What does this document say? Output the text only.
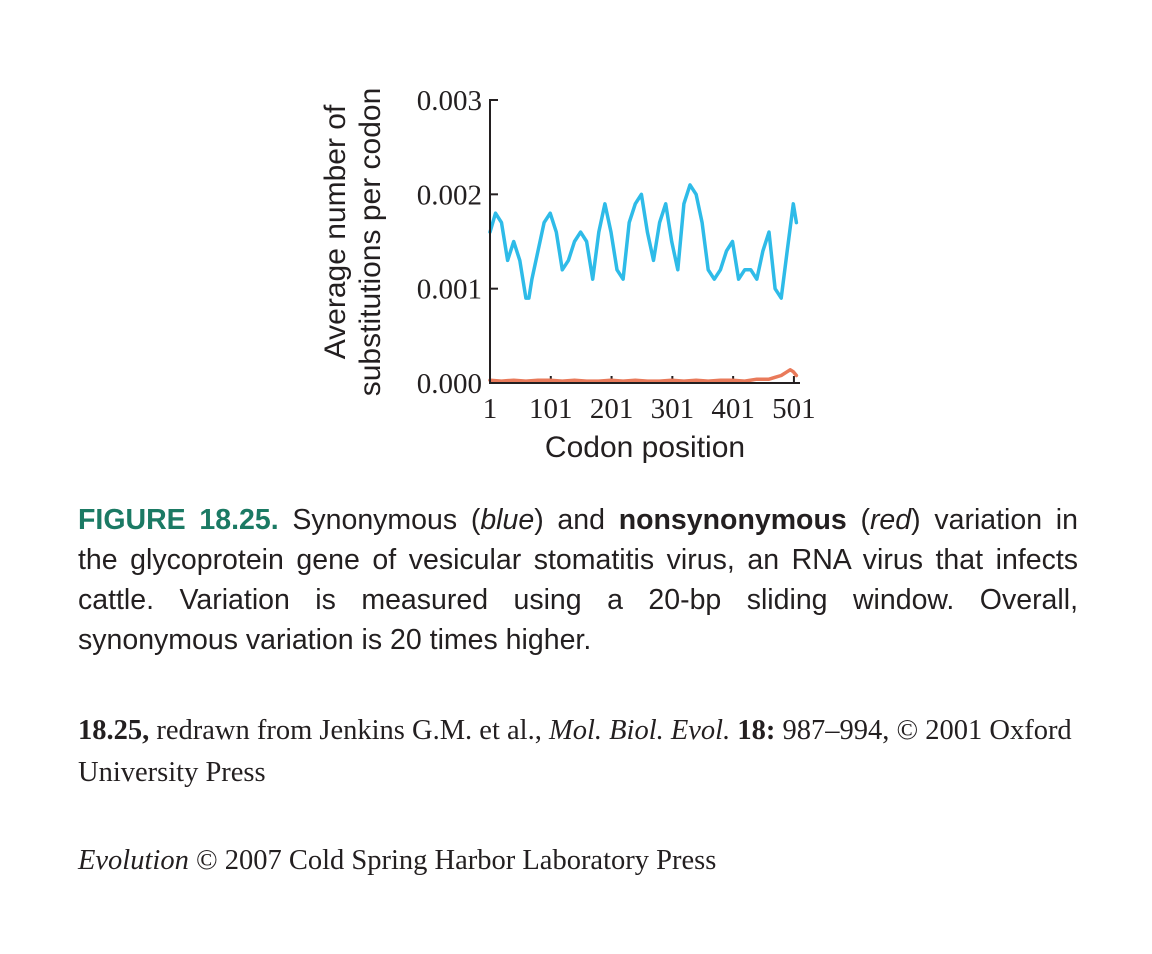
Average number of substitutions per codon 0.000
0.001
0.002
0.003
1 101 201 301 401 501
Codon position
FIGURE 18.25. Synonymous (blue) and nonsynonymous (red) variation in the glycoprotein gene of vesicular stomatitis virus, an RNA virus that infects cattle. Variation is measured using a 20-bp sliding window. Overall, synonymous variation is 20 times higher.
18.25, redrawn from Jenkins G.M. et al., Mol. Biol. Evol. 18: 987–994, © 2001 Oxford University Press
Evolution © 2007 Cold Spring Harbor Laboratory Press
